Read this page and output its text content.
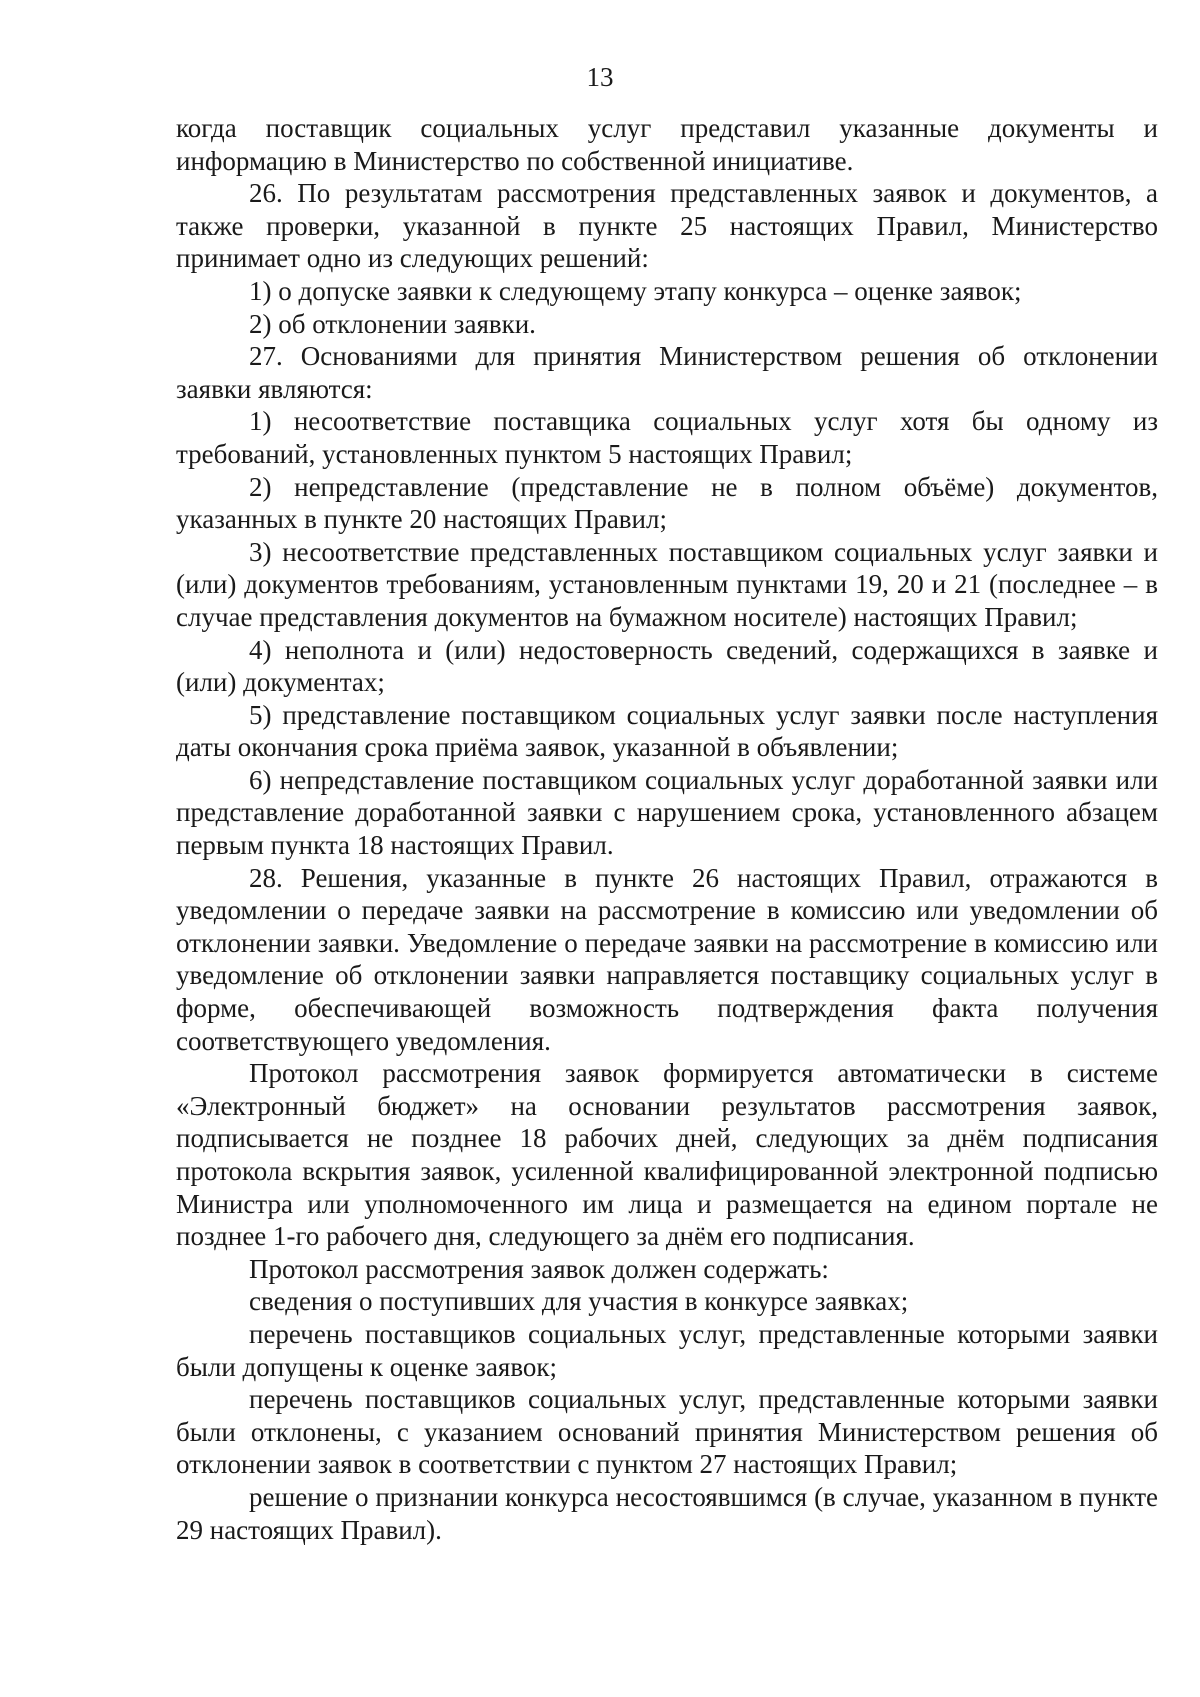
13

когда поставщик социальных услуг представил указанные документы и информацию в Министерство по собственной инициативе.

26. По результатам рассмотрения представленных заявок и документов, а также проверки, указанной в пункте 25 настоящих Правил, Министерство принимает одно из следующих решений:

1) о допуске заявки к следующему этапу конкурса – оценке заявок;

2) об отклонении заявки.

27. Основаниями для принятия Министерством решения об отклонении заявки являются:

1) несоответствие поставщика социальных услуг хотя бы одному из требований, установленных пунктом 5 настоящих Правил;

2) непредставление (представление не в полном объёме) документов, указанных в пункте 20 настоящих Правил;

3) несоответствие представленных поставщиком социальных услуг заявки и (или) документов требованиям, установленным пунктами 19, 20 и 21 (последнее – в случае представления документов на бумажном носителе) настоящих Правил;

4) неполнота и (или) недостоверность сведений, содержащихся в заявке и (или) документах;

5) представление поставщиком социальных услуг заявки после наступления даты окончания срока приёма заявок, указанной в объявлении;

6) непредставление поставщиком социальных услуг доработанной заявки или представление доработанной заявки с нарушением срока, установленного абзацем первым пункта 18 настоящих Правил.

28. Решения, указанные в пункте 26 настоящих Правил, отражаются в уведомлении о передаче заявки на рассмотрение в комиссию или уведомлении об отклонении заявки. Уведомление о передаче заявки на рассмотрение в комиссию или уведомление об отклонении заявки направляется поставщику социальных услуг в форме, обеспечивающей возможность подтверждения факта получения соответствующего уведомления.

Протокол рассмотрения заявок формируется автоматически в системе «Электронный бюджет» на основании результатов рассмотрения заявок, подписывается не позднее 18 рабочих дней, следующих за днём подписания протокола вскрытия заявок, усиленной квалифицированной электронной подписью Министра или уполномоченного им лица и размещается на едином портале не позднее 1-го рабочего дня, следующего за днём его подписания.

Протокол рассмотрения заявок должен содержать:

сведения о поступивших для участия в конкурсе заявках;

перечень поставщиков социальных услуг, представленные которыми заявки были допущены к оценке заявок;

перечень поставщиков социальных услуг, представленные которыми заявки были отклонены, с указанием оснований принятия Министерством решения об отклонении заявок в соответствии с пунктом 27 настоящих Правил;

решение о признании конкурса несостоявшимся (в случае, указанном в пункте 29 настоящих Правил).
